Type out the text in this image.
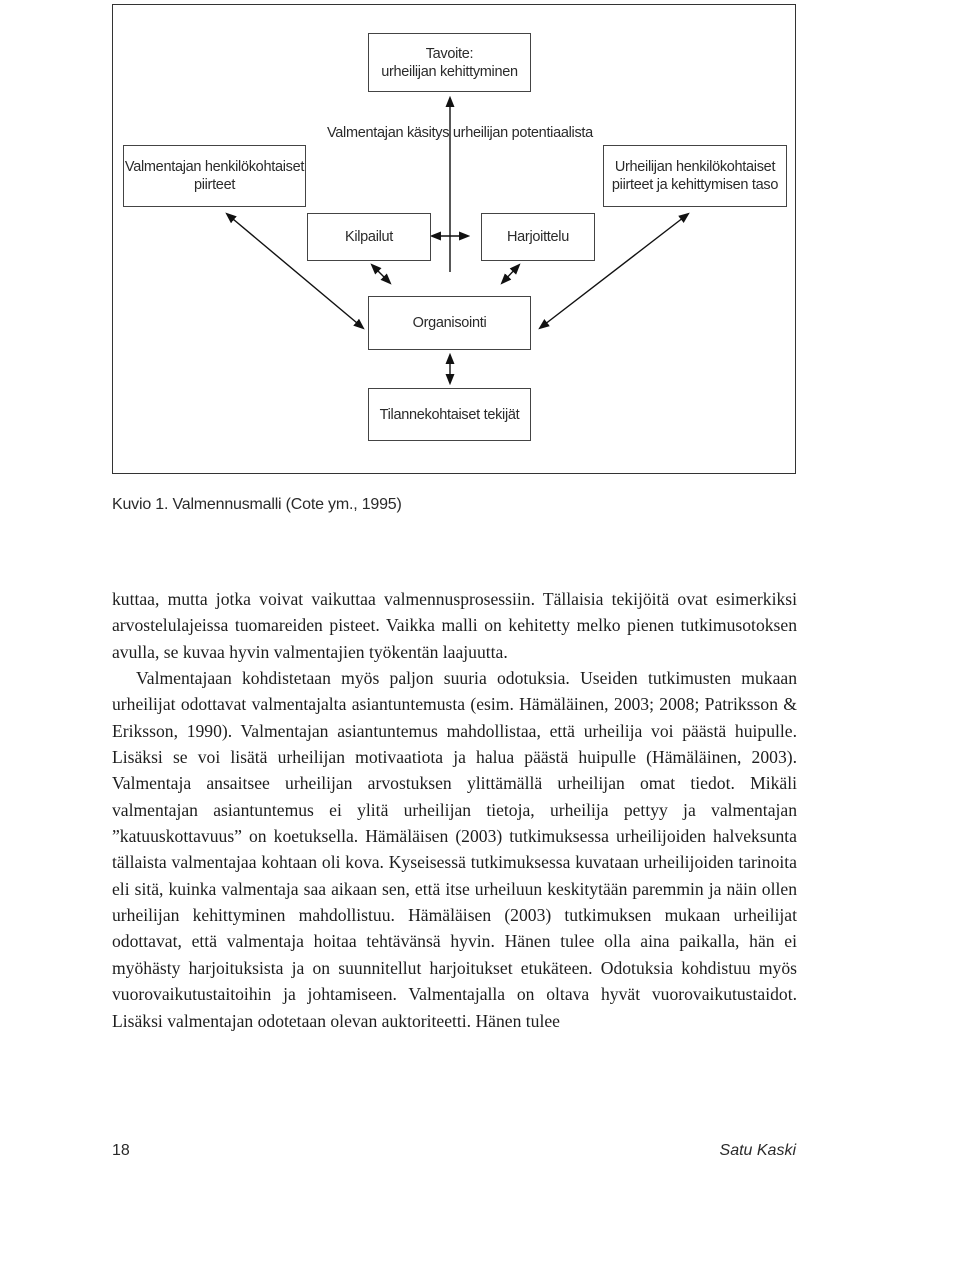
Tavoite:
urheilijan kehittyminen
Valmentajan käsitys urheilijan potentiaalista
Valmentajan henkilökohtaiset
piirteet
Urheilijan henkilökohtaiset
piirteet ja kehittymisen taso
Kilpailut	Harjoittelu
Organisointi
Tilannekohtaiset tekijät
Kuvio 1. Valmennusmalli (Cote ym., 1995)

kuttaa, mutta jotka voivat vaikuttaa valmennusprosessiin. Tällaisia tekijöitä ovat esimerkiksi arvostelulajeissa tuomareiden pisteet. Vaikka malli on kehitetty melko pienen tutkimusotoksen avulla, se kuvaa hyvin valmentajien työkentän laajuutta.

Valmentajaan kohdistetaan myös paljon suuria odotuksia. Useiden tutkimusten mukaan urheilijat odottavat valmentajalta asiantuntemusta (esim. Hämäläinen, 2003; 2008; Patriksson & Eriksson, 1990). Valmentajan asiantuntemus mahdollistaa, että urheilija voi päästä huipulle. Lisäksi se voi lisätä urheilijan motivaatiota ja halua päästä huipulle (Hämäläinen, 2003). Valmentaja ansaitsee urheilijan arvostuksen ylittämällä urheilijan omat tiedot. Mikäli valmentajan asiantuntemus ei ylitä urheilijan tietoja, urheilija pettyy ja valmentajan ”katuuskottavuus” on koetuksella. Hämäläisen (2003) tutkimuksessa urheilijoiden halveksunta tällaista valmentajaa kohtaan oli kova. Kyseisessä tutkimuksessa kuvataan urheilijoiden tarinoita eli sitä, kuinka valmentaja saa aikaan sen, että itse urheiluun keskitytään paremmin ja näin ollen urheilijan kehittyminen mahdollistuu. Hämäläisen (2003) tutkimuksen mukaan urheilijat odottavat, että valmentaja hoitaa tehtävänsä hyvin. Hänen tulee olla aina paikalla, hän ei myöhästy harjoituksista ja on suunnitellut harjoitukset etukäteen. Odotuksia kohdistuu myös vuorovaikutustaitoihin ja johtamiseen. Valmentajalla on oltava hyvät vuorovaikutustaidot. Lisäksi valmentajan odotetaan olevan auktoriteetti. Hänen tulee

18	Satu Kaski
